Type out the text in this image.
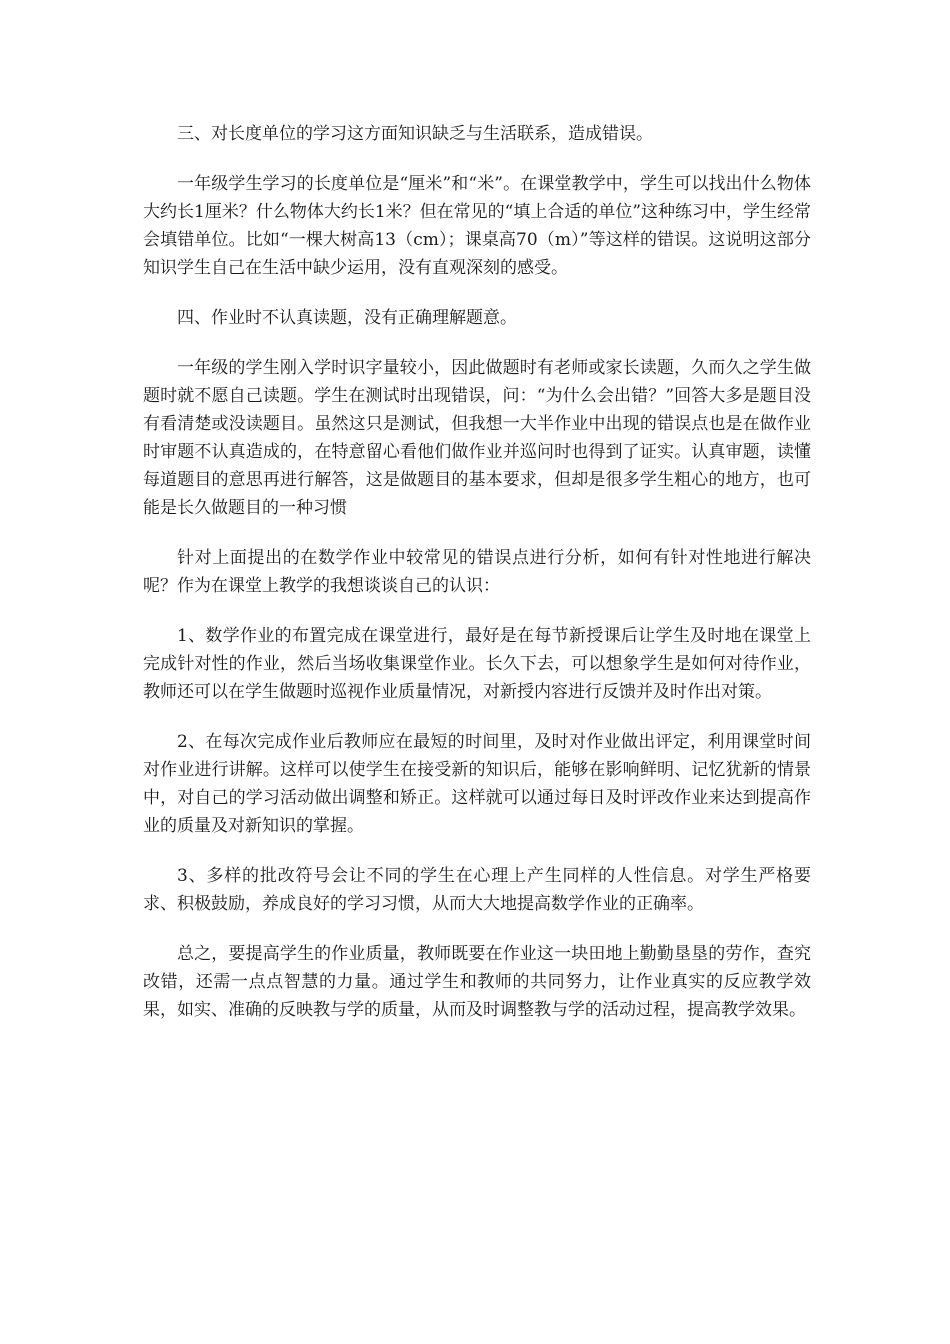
三、对长度单位的学习这方面知识缺乏与生活联系，造成错误。

一年级学生学习的长度单位是“厘米”和“米”。在课堂教学中，学生可以找出什么物体大约长1厘米？什么物体大约长1米？但在常见的“填上合适的单位”这种练习中，学生经常会填错单位。比如“一棵大树高13（cm）；课桌高70（m）”等这样的错误。这说明这部分知识学生自己在生活中缺少运用，没有直观深刻的感受。

四、作业时不认真读题，没有正确理解题意。

一年级的学生刚入学时识字量较小，因此做题时有老师或家长读题，久而久之学生做题时就不愿自己读题。学生在测试时出现错误，问：“为什么会出错？”回答大多是题目没有看清楚或没读题目。虽然这只是测试，但我想一大半作业中出现的错误点也是在做作业时审题不认真造成的，在特意留心看他们做作业并巡问时也得到了证实。认真审题，读懂每道题目的意思再进行解答，这是做题目的基本要求，但却是很多学生粗心的地方，也可能是长久做题目的一种习惯

针对上面提出的在数学作业中较常见的错误点进行分析，如何有针对性地进行解决呢？作为在课堂上教学的我想谈谈自己的认识：

1、数学作业的布置完成在课堂进行，最好是在每节新授课后让学生及时地在课堂上完成针对性的作业，然后当场收集课堂作业。长久下去，可以想象学生是如何对待作业，教师还可以在学生做题时巡视作业质量情况，对新授内容进行反馈并及时作出对策。

2、在每次完成作业后教师应在最短的时间里，及时对作业做出评定，利用课堂时间对作业进行讲解。这样可以使学生在接受新的知识后，能够在影响鲜明、记忆犹新的情景中，对自己的学习活动做出调整和矫正。这样就可以通过每日及时评改作业来达到提高作业的质量及对新知识的掌握。

3、多样的批改符号会让不同的学生在心理上产生同样的人性信息。对学生严格要求、积极鼓励，养成良好的学习习惯，从而大大地提高数学作业的正确率。

总之，要提高学生的作业质量，教师既要在作业这一块田地上勤勤垦垦的劳作，查究改错，还需一点点智慧的力量。通过学生和教师的共同努力，让作业真实的反应教学效果，如实、准确的反映教与学的质量，从而及时调整教与学的活动过程，提高教学效果。
